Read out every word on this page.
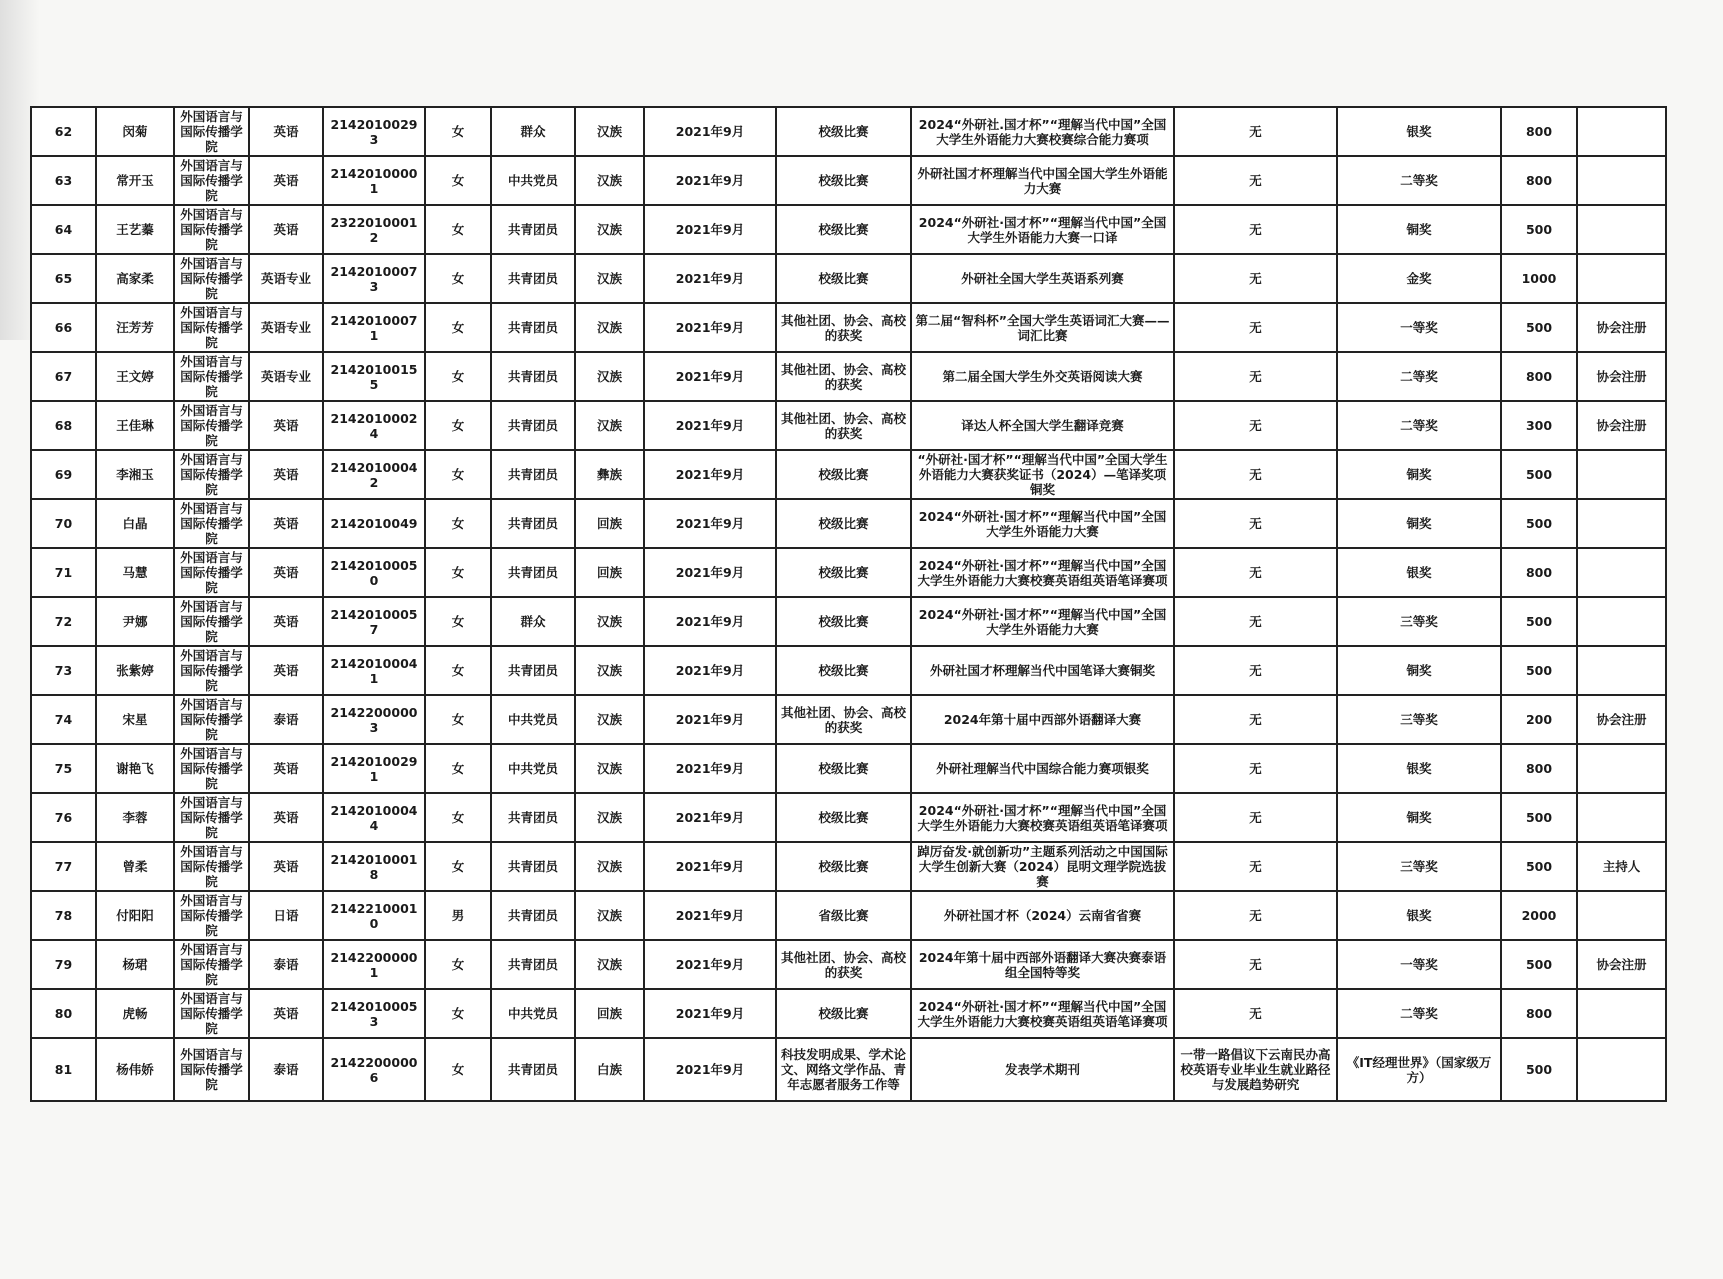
62	闵菊	外国语言与国际传播学院	英语	21420100293	女	群众	汉族	2021年9月	校级比赛	2024“外研社.国才杯”“理解当代中国”全国大学生外语能力大赛校赛综合能力赛项	无	银奖	800	
63	常开玉	外国语言与国际传播学院	英语	21420100001	女	中共党员	汉族	2021年9月	校级比赛	外研社国才杯理解当代中国全国大学生外语能力大赛	无	二等奖	800	
64	王艺蓁	外国语言与国际传播学院	英语	23220100012	女	共青团员	汉族	2021年9月	校级比赛	2024“外研社·国才杯”“理解当代中国”全国大学生外语能力大赛一口译	无	铜奖	500	
65	高家柔	外国语言与国际传播学院	英语专业	21420100073	女	共青团员	汉族	2021年9月	校级比赛	外研社全国大学生英语系列赛	无	金奖	1000	
66	汪芳芳	外国语言与国际传播学院	英语专业	21420100071	女	共青团员	汉族	2021年9月	其他社团、协会、高校的获奖	第二届“智科杯”全国大学生英语词汇大赛——词汇比赛	无	一等奖	500	协会注册
67	王文婷	外国语言与国际传播学院	英语专业	21420100155	女	共青团员	汉族	2021年9月	其他社团、协会、高校的获奖	第二届全国大学生外交英语阅读大赛	无	二等奖	800	协会注册
68	王佳琳	外国语言与国际传播学院	英语	21420100024	女	共青团员	汉族	2021年9月	其他社团、协会、高校的获奖	译达人杯全国大学生翻译竞赛	无	二等奖	300	协会注册
69	李湘玉	外国语言与国际传播学院	英语	21420100042	女	共青团员	彝族	2021年9月	校级比赛	“外研社·国才杯”“理解当代中国”全国大学生外语能力大赛获奖证书（2024）—笔译奖项铜奖	无	铜奖	500	
70	白晶	外国语言与国际传播学院	英语	2142010049	女	共青团员	回族	2021年9月	校级比赛	2024“外研社·国才杯”“理解当代中国”全国大学生外语能力大赛	无	铜奖	500	
71	马慧	外国语言与国际传播学院	英语	21420100050	女	共青团员	回族	2021年9月	校级比赛	2024“外研社·国才杯”“理解当代中国”全国大学生外语能力大赛校赛英语组英语笔译赛项	无	银奖	800	
72	尹娜	外国语言与国际传播学院	英语	21420100057	女	群众	汉族	2021年9月	校级比赛	2024“外研社·国才杯”“理解当代中国”全国大学生外语能力大赛	无	三等奖	500	
73	张紫婷	外国语言与国际传播学院	英语	21420100041	女	共青团员	汉族	2021年9月	校级比赛	外研社国才杯理解当代中国笔译大赛铜奖	无	铜奖	500	
74	宋星	外国语言与国际传播学院	泰语	21422000003	女	中共党员	汉族	2021年9月	其他社团、协会、高校的获奖	2024年第十届中西部外语翻译大赛	无	三等奖	200	协会注册
75	谢艳飞	外国语言与国际传播学院	英语	21420100291	女	中共党员	汉族	2021年9月	校级比赛	外研社理解当代中国综合能力赛项银奖	无	银奖	800	
76	李蓉	外国语言与国际传播学院	英语	21420100044	女	共青团员	汉族	2021年9月	校级比赛	2024“外研社·国才杯”“理解当代中国”全国大学生外语能力大赛校赛英语组英语笔译赛项	无	铜奖	500	
77	曾柔	外国语言与国际传播学院	英语	21420100018	女	共青团员	汉族	2021年9月	校级比赛	踔厉奋发·就创新功”主题系列活动之中国国际大学生创新大赛（2024）昆明文理学院选拔赛	无	三等奖	500	主持人
78	付阳阳	外国语言与国际传播学院	日语	21422100010	男	共青团员	汉族	2021年9月	省级比赛	外研社国才杯（2024）云南省省赛	无	银奖	2000	
79	杨珺	外国语言与国际传播学院	泰语	21422000001	女	共青团员	汉族	2021年9月	其他社团、协会、高校的获奖	2024年第十届中西部外语翻译大赛决赛泰语组全国特等奖	无	一等奖	500	协会注册
80	虎畅	外国语言与国际传播学院	英语	21420100053	女	中共党员	回族	2021年9月	校级比赛	2024“外研社·国才杯”“理解当代中国”全国大学生外语能力大赛校赛英语组英语笔译赛项	无	二等奖	800	
81	杨伟娇	外国语言与国际传播学院	泰语	21422000006	女	共青团员	白族	2021年9月	科技发明成果、学术论文、网络文学作品、青年志愿者服务工作等	发表学术期刊	一带一路倡议下云南民办高校英语专业毕业生就业路径与发展趋势研究	《IT经理世界》（国家级万方）	500	
